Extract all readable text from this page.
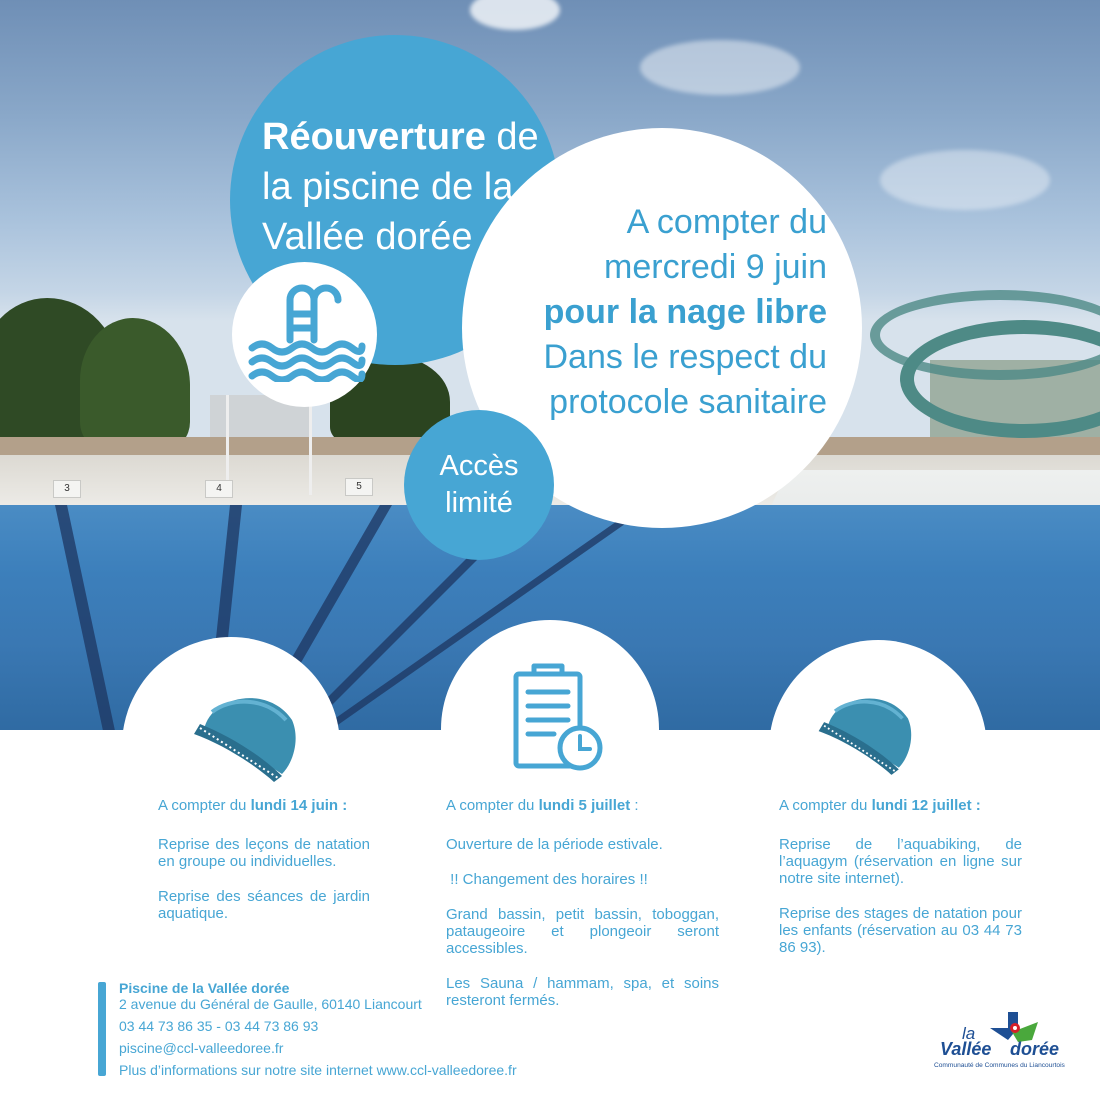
3	4	5
Réouverture de
la piscine de la
Vallée dorée	A compter du
mercredi 9 juin
pour la nage libre
Dans le respect du
protocole sanitaire
Accès
limité
A compter du lundi 14 juin :

Reprise des leçons de natation en groupe ou individuelles.

Reprise des séances de jardin aquatique.

A compter du lundi 5 juillet :

Ouverture de la période estivale.

!! Changement des horaires !!

Grand bassin, petit bassin, toboggan, pataugeoire et plongeoir seront accessibles.

Les Sauna / hammam, spa, et soins resteront fermés.

A compter du lundi 12 juillet :

Reprise de l’aquabiking, de l’aquagym (réservation en ligne sur notre site internet).

Reprise des stages de natation pour les enfants (réservation au 03 44 73 86 93).

Piscine de la Vallée dorée
2 avenue du Général de Gaulle, 60140 Liancourt
03 44 73 86 35 - 03 44 73 86 93
piscine@ccl-valleedoree.fr
Plus d’informations sur notre site internet www.ccl-valleedoree.fr
la
Vallée dorée
Communauté de Communes du Liancourtois
